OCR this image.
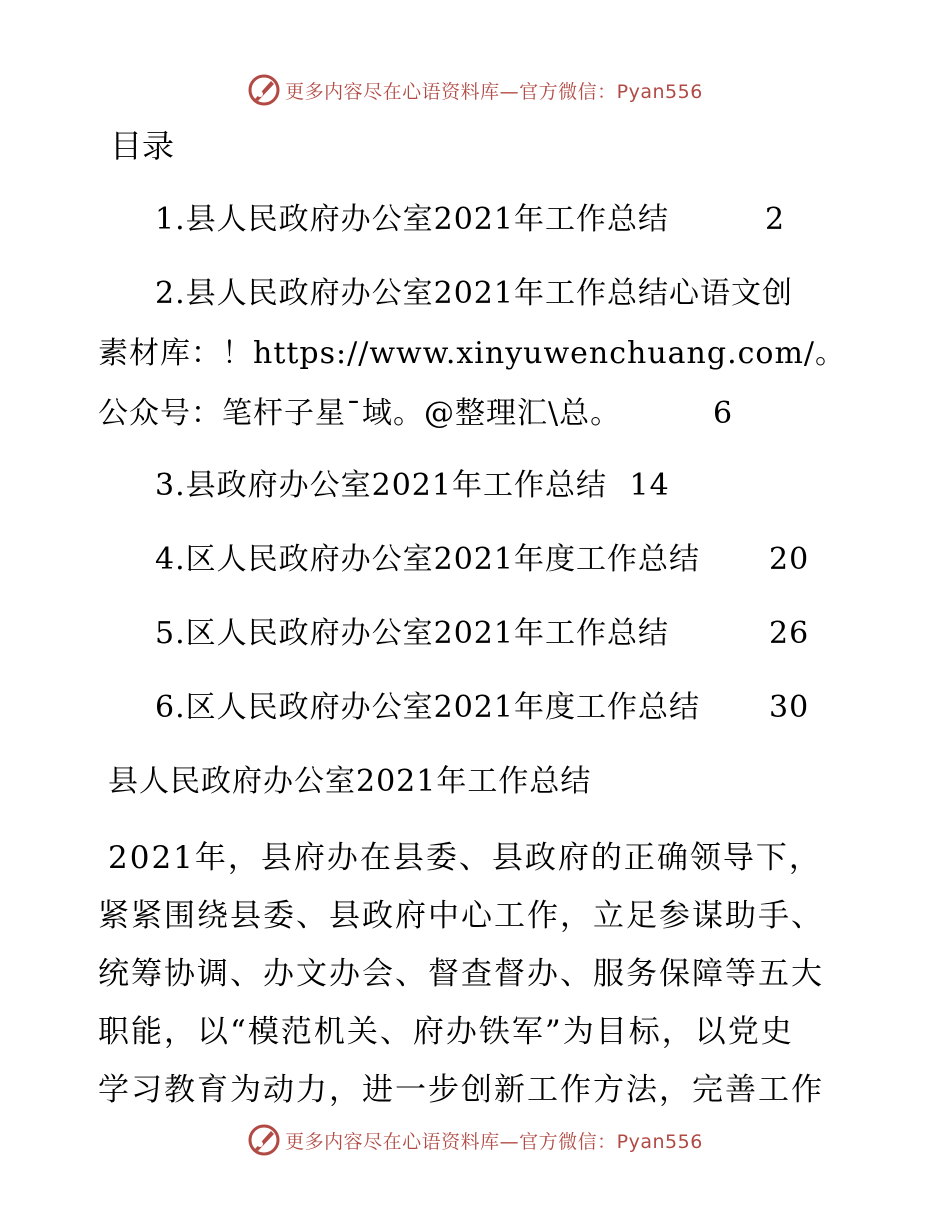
更多内容尽在心语资料库—官方微信：Pyan556
目录
1.县人民政府办公室2021年工作总结	2
2.县人民政府办公室2021年工作总结心语文创
素材库：！https://www.xinyuwenchuang.com/。
公众号：笔杆子星¯域。@整理汇\总。	6
3.县政府办公室2021年工作总结 14
4.区人民政府办公室2021年度工作总结 20
5.区人民政府办公室2021年工作总结	26
6.区人民政府办公室2021年度工作总结 30
县人民政府办公室2021年工作总结
2021年，县府办在县委、县政府的正确领导下，
紧紧围绕县委、县政府中心工作，立足参谋助手、
统筹协调、办文办会、督查督办、服务保障等五大
职能，以“模范机关、府办铁军”为目标，以党史
学习教育为动力，进一步创新工作方法，完善工作
更多内容尽在心语资料库—官方微信：Pyan556
